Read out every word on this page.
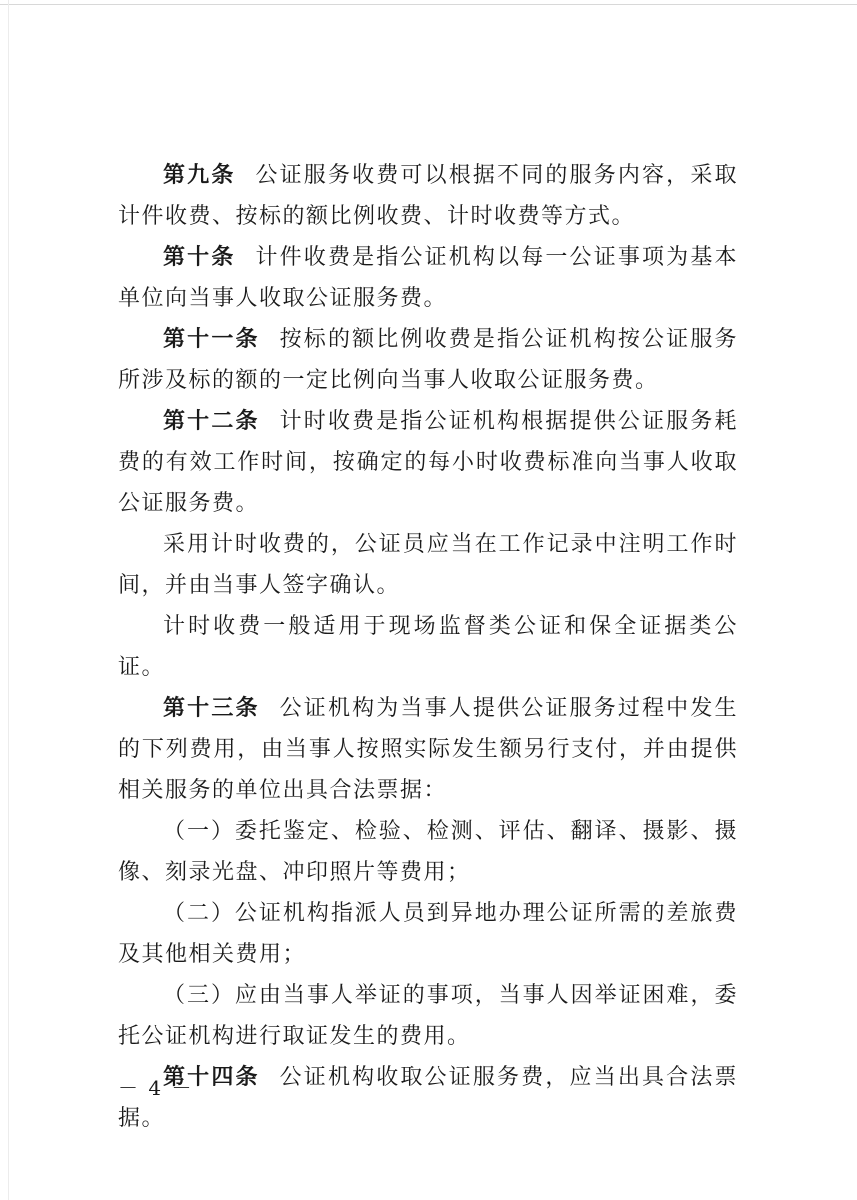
第九条 公证服务收费可以根据不同的服务内容，采取计件收费、按标的额比例收费、计时收费等方式。

第十条 计件收费是指公证机构以每一公证事项为基本单位向当事人收取公证服务费。

第十一条 按标的额比例收费是指公证机构按公证服务所涉及标的额的一定比例向当事人收取公证服务费。

第十二条 计时收费是指公证机构根据提供公证服务耗费的有效工作时间，按确定的每小时收费标准向当事人收取公证服务费。

采用计时收费的，公证员应当在工作记录中注明工作时间，并由当事人签字确认。

计时收费一般适用于现场监督类公证和保全证据类公证。

第十三条 公证机构为当事人提供公证服务过程中发生的下列费用，由当事人按照实际发生额另行支付，并由提供相关服务的单位出具合法票据：

（一）委托鉴定、检验、检测、评估、翻译、摄影、摄像、刻录光盘、冲印照片等费用；

（二）公证机构指派人员到异地办理公证所需的差旅费及其他相关费用；

（三）应由当事人举证的事项，当事人因举证困难，委托公证机构进行取证发生的费用。

第十四条 公证机构收取公证服务费，应当出具合法票据。

－ 4 －
